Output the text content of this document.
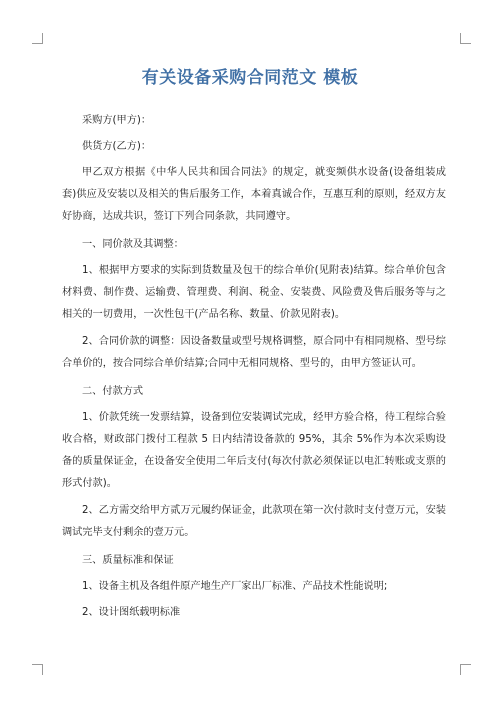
有关设备采购合同范文 模板

采购方(甲方)：

供货方(乙方)：

甲乙双方根据《中华人民共和国合同法》的规定，就变频供水设备(设备组装成套)供应及安装以及相关的售后服务工作，本着真诚合作，互惠互利的原则，经双方友好协商，达成共识，签订下列合同条款，共同遵守。

一、同价款及其调整：

1、根据甲方要求的实际到货数量及包干的综合单价(见附表)结算。综合单价包含材料费、制作费、运输费、管理费、利润、税金、安装费、风险费及售后服务等与之相关的一切费用，一次性包干(产品名称、数量、价款见附表)。

2、合同价款的调整：因设备数量或型号规格调整，原合同中有相同规格、型号综合单价的，按合同综合单价结算;合同中无相同规格、型号的，由甲方签证认可。

二、付款方式

1、价款凭统一发票结算，设备到位安装调试完成，经甲方验合格，待工程综合验收合格，财政部门拨付工程款 5 日内结清设备款的 95%，其余 5%作为本次采购设备的质量保证金，在设备安全使用二年后支付(每次付款必须保证以电汇转账或支票的形式付款)。

2、乙方需交给甲方贰万元履约保证金，此款项在第一次付款时支付壹万元，安装调试完毕支付剩余的壹万元。

三、质量标准和保证

1、设备主机及各组件原产地生产厂家出厂标准、产品技术性能说明;

2、设计图纸载明标准
